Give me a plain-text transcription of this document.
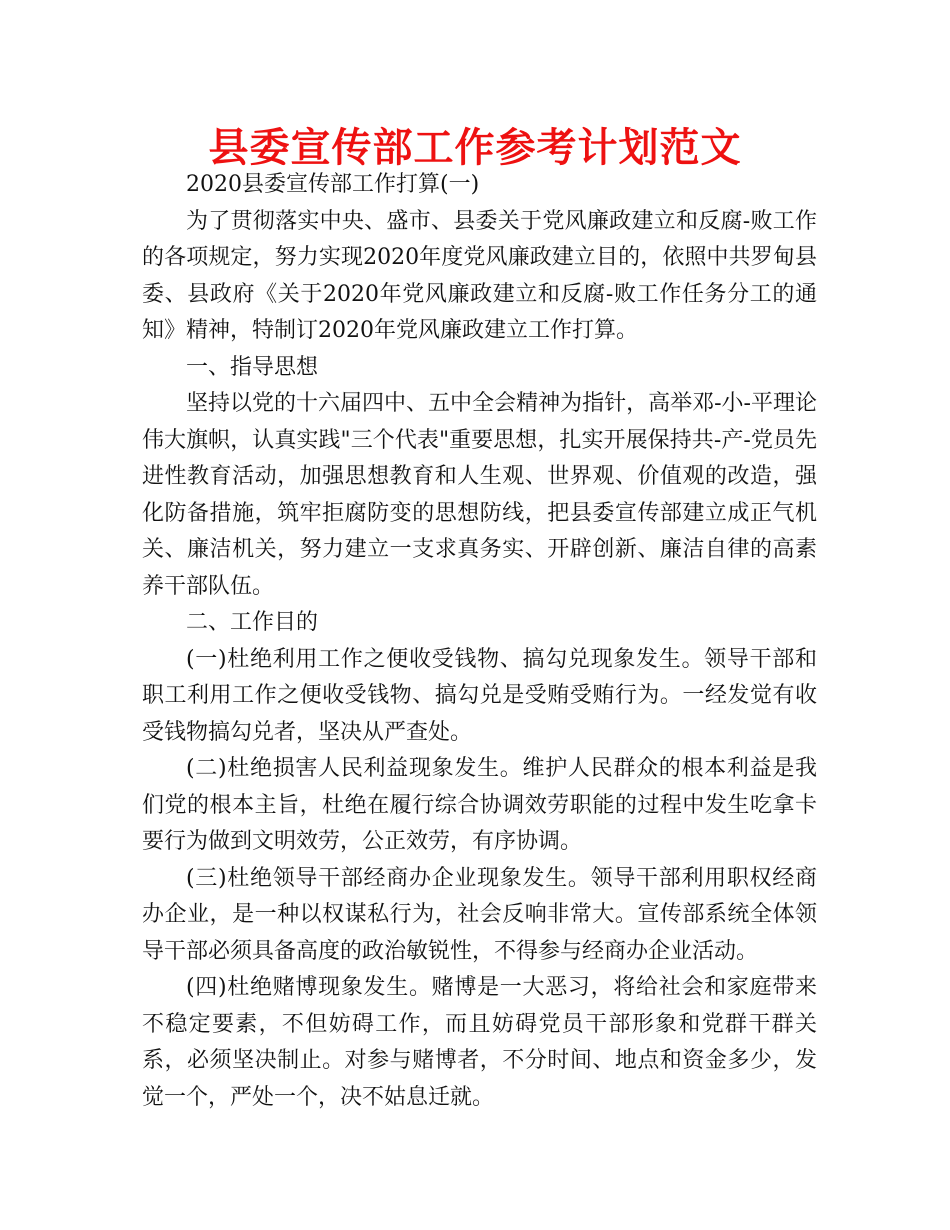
县委宣传部工作参考计划范文

2020县委宣传部工作打算(一)

为了贯彻落实中央、盛市、县委关于党风廉政建立和反腐-败工作的各项规定，努力实现2020年度党风廉政建立目的，依照中共罗甸县委、县政府《关于2020年党风廉政建立和反腐-败工作任务分工的通知》精神，特制订2020年党风廉政建立工作打算。

一、指导思想

坚持以党的十六届四中、五中全会精神为指针，高举邓-小-平理论伟大旗帜，认真实践"三个代表"重要思想，扎实开展保持共-产-党员先进性教育活动，加强思想教育和人生观、世界观、价值观的改造，强化防备措施，筑牢拒腐防变的思想防线，把县委宣传部建立成正气机关、廉洁机关，努力建立一支求真务实、开辟创新、廉洁自律的高素养干部队伍。

二、工作目的

(一)杜绝利用工作之便收受钱物、搞勾兑现象发生。领导干部和职工利用工作之便收受钱物、搞勾兑是受贿受贿行为。一经发觉有收受钱物搞勾兑者，坚决从严查处。

(二)杜绝损害人民利益现象发生。维护人民群众的根本利益是我们党的根本主旨，杜绝在履行综合协调效劳职能的过程中发生吃拿卡要行为做到文明效劳，公正效劳，有序协调。

(三)杜绝领导干部经商办企业现象发生。领导干部利用职权经商办企业，是一种以权谋私行为，社会反响非常大。宣传部系统全体领导干部必须具备高度的政治敏锐性，不得参与经商办企业活动。

(四)杜绝赌博现象发生。赌博是一大恶习，将给社会和家庭带来不稳定要素，不但妨碍工作，而且妨碍党员干部形象和党群干群关系，必须坚决制止。对参与赌博者，不分时间、地点和资金多少，发觉一个，严处一个，决不姑息迁就。
